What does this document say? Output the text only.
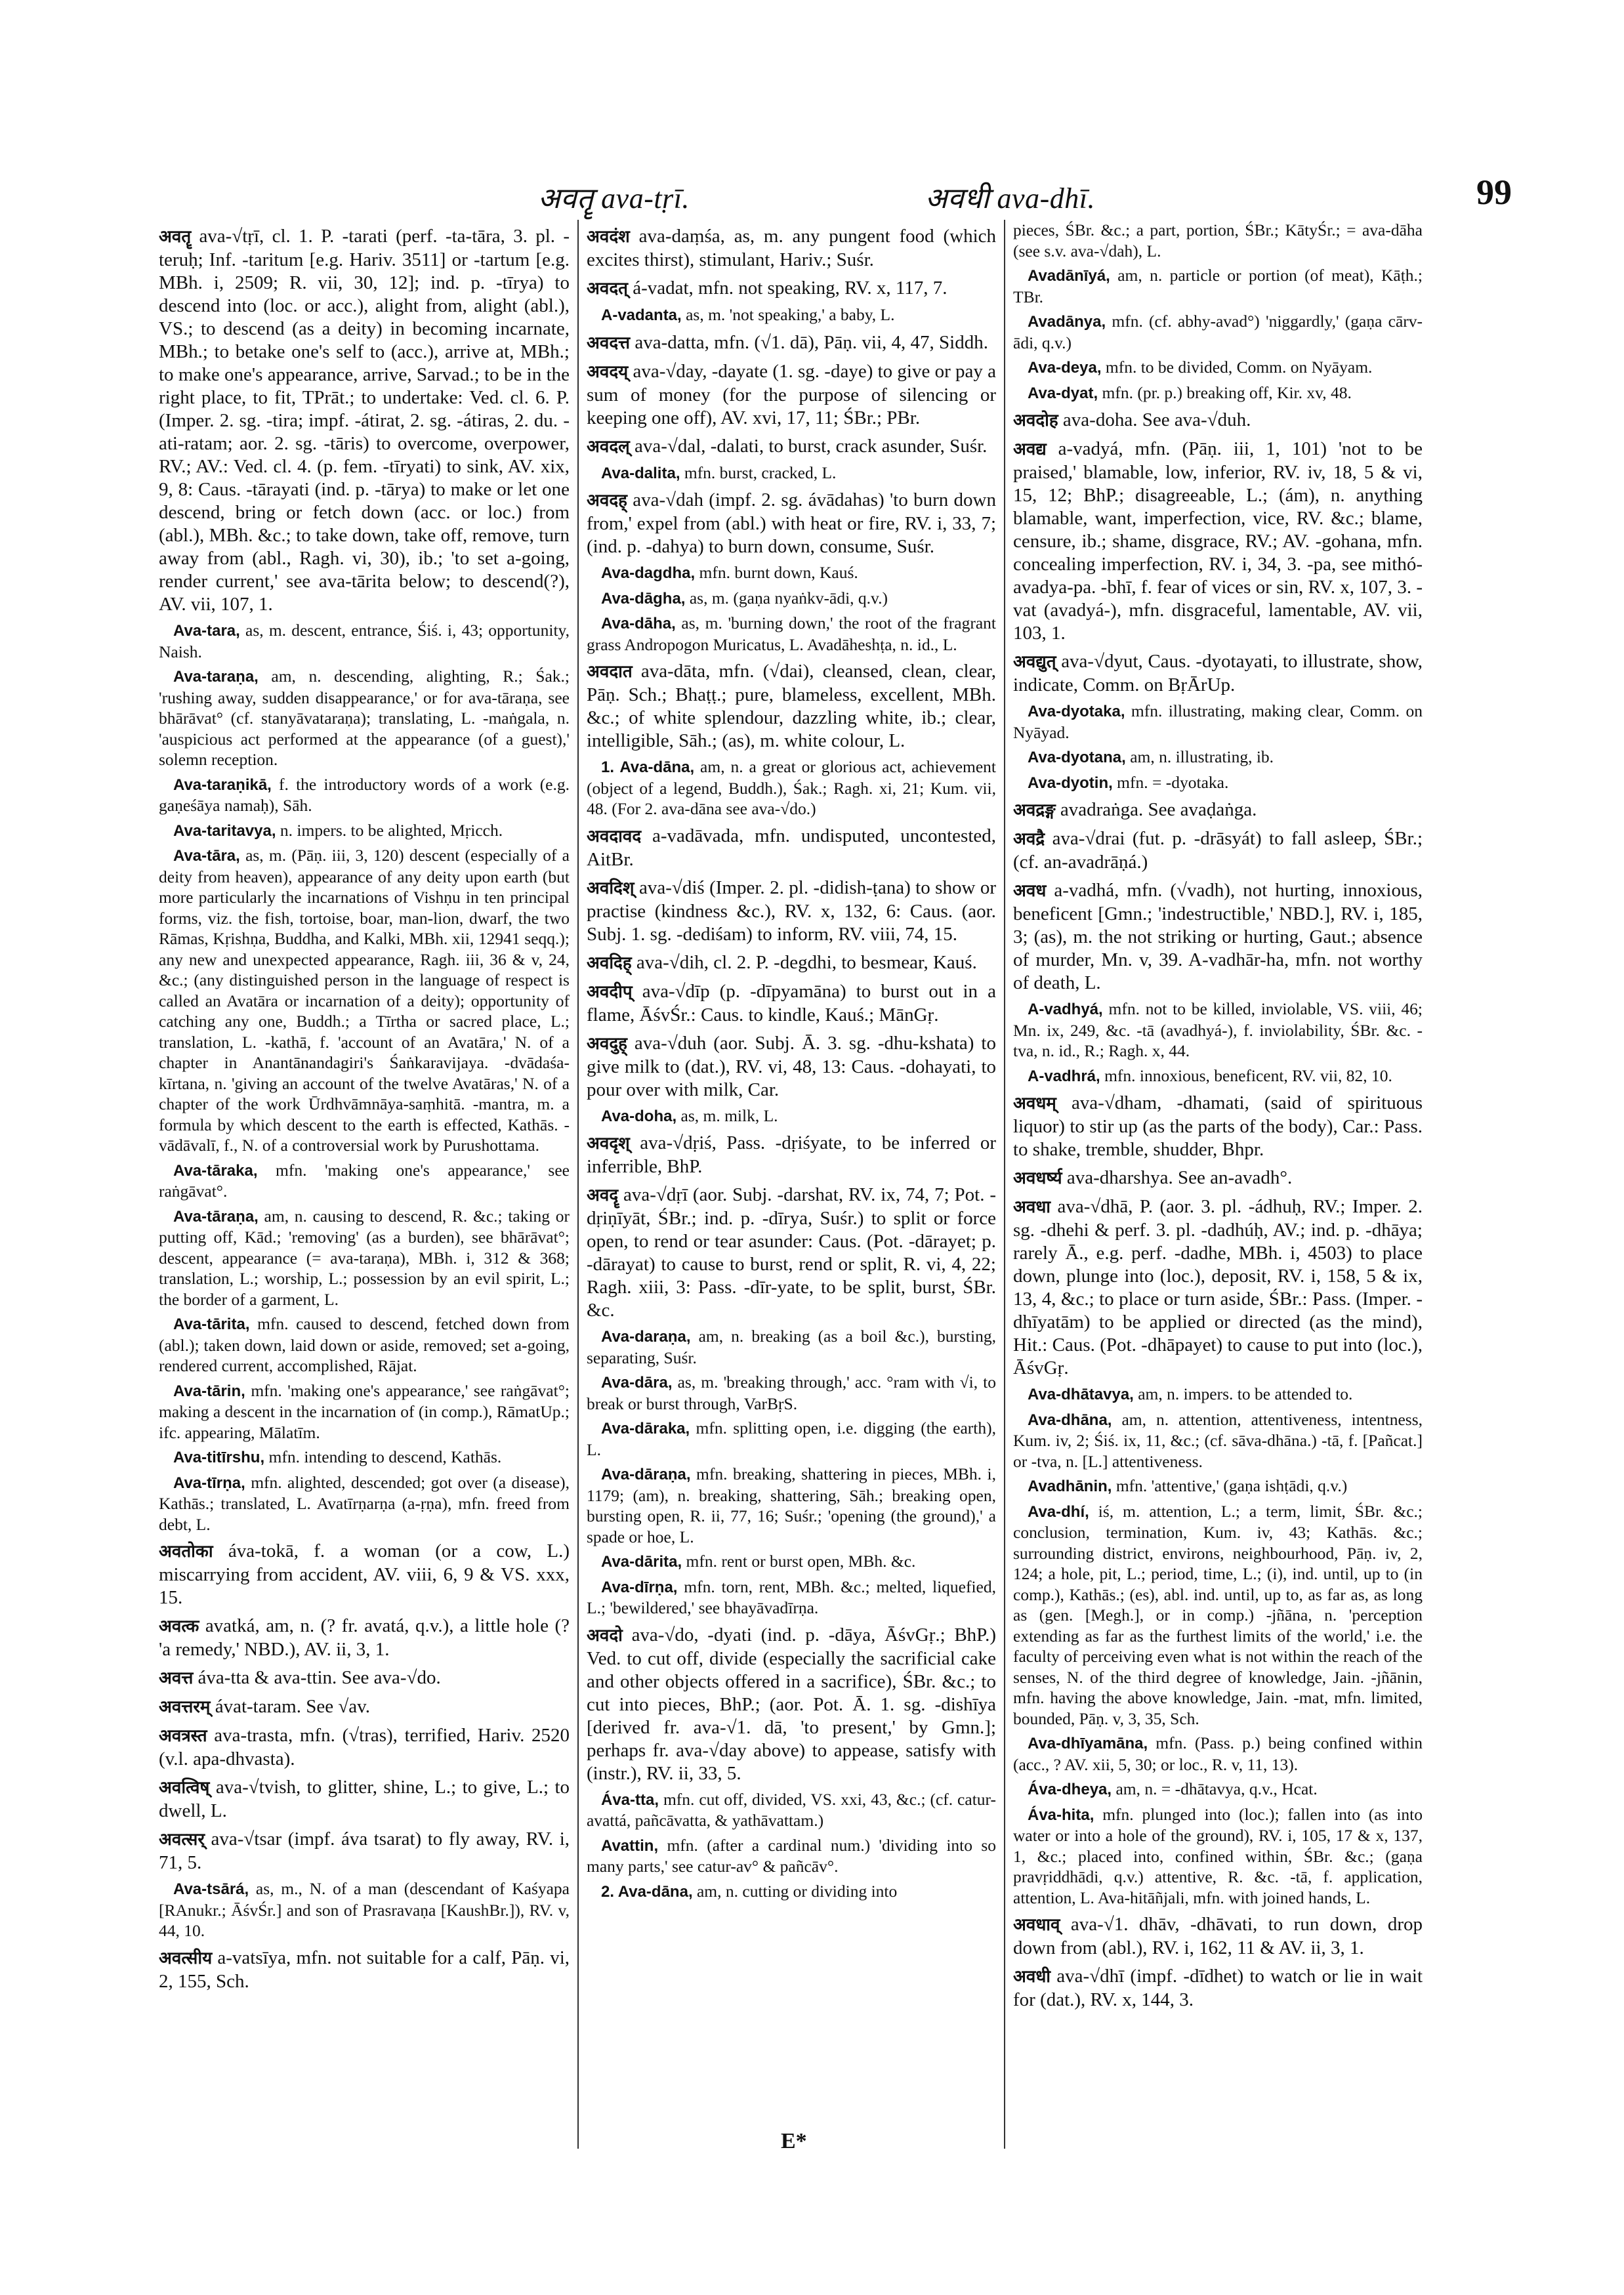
अवतॄ ava-tṛī.	अवधी ava-dhī.	99

अवतॄ ava-√tṛī, cl. 1. P. -tarati (perf. -ta-tāra, 3. pl. -teruḥ; Inf. -taritum [e.g. Hariv. 3511] or -tartum [e.g. MBh. i, 2509; R. vii, 30, 12]; ind. p. -tīrya) to descend into (loc. or acc.), alight from, alight (abl.), VS.; to descend (as a deity) in becoming incarnate, MBh.; to betake one's self to (acc.), arrive at, MBh.; to make one's appearance, arrive, Sarvad.; to be in the right place, to fit, TPrāt.; to undertake: Ved. cl. 6. P. (Imper. 2. sg. -tira; impf. -átirat, 2. sg. -átiras, 2. du. -ati-ratam; aor. 2. sg. -tāris) to overcome, overpower, RV.; AV.: Ved. cl. 4. (p. fem. -tīryati) to sink, AV. xix, 9, 8: Caus. -tārayati (ind. p. -tārya) to make or let one descend, bring or fetch down (acc. or loc.) from (abl.), MBh. &c.; to take down, take off, remove, turn away from (abl., Ragh. vi, 30), ib.; 'to set a-going, render current,' see ava-tārita below; to descend(?), AV. vii, 107, 1.

Ava-tara, as, m. descent, entrance, Śiś. i, 43; opportunity, Naish.

Ava-taraṇa, am, n. descending, alighting, R.; Śak.; 'rushing away, sudden disappearance,' or for ava-tāraṇa, see bhārāvat° (cf. stanyāvataraṇa); translating, L. -maṅgala, n. 'auspicious act performed at the appearance (of a guest),' solemn reception.

Ava-taraṇikā, f. the introductory words of a work (e.g. gaṇeśāya namaḥ), Sāh.

Ava-taritavya, n. impers. to be alighted, Mṛicch.

Ava-tāra, as, m. (Pāṇ. iii, 3, 120) descent (especially of a deity from heaven), appearance of any deity upon earth (but more particularly the incarnations of Vishṇu in ten principal forms, viz. the fish, tortoise, boar, man-lion, dwarf, the two Rāmas, Kṛishṇa, Buddha, and Kalki, MBh. xii, 12941 seqq.); any new and unexpected appearance, Ragh. iii, 36 & v, 24, &c.; (any distinguished person in the language of respect is called an Avatāra or incarnation of a deity); opportunity of catching any one, Buddh.; a Tīrtha or sacred place, L.; translation, L. -kathā, f. 'account of an Avatāra,' N. of a chapter in Anantānandagiri's Śaṅkaravijaya. -dvādaśa-kīrtana, n. 'giving an account of the twelve Avatāras,' N. of a chapter of the work Ūrdhvāmnāya-saṃhitā. -mantra, m. a formula by which descent to the earth is effected, Kathās. -vādāvalī, f., N. of a controversial work by Purushottama.

Ava-tāraka, mfn. 'making one's appearance,' see raṅgāvat°.

Ava-tāraṇa, am, n. causing to descend, R. &c.; taking or putting off, Kād.; 'removing' (as a burden), see bhārāvat°; descent, appearance (= ava-taraṇa), MBh. i, 312 & 368; translation, L.; worship, L.; possession by an evil spirit, L.; the border of a garment, L.

Ava-tārita, mfn. caused to descend, fetched down from (abl.); taken down, laid down or aside, removed; set a-going, rendered current, accomplished, Rājat.

Ava-tārin, mfn. 'making one's appearance,' see raṅgāvat°; making a descent in the incarnation of (in comp.), RāmatUp.; ifc. appearing, Mālatīm.

Ava-titīrshu, mfn. intending to descend, Kathās.

Ava-tīrṇa, mfn. alighted, descended; got over (a disease), Kathās.; translated, L. Avatīrṇarṇa (a-ṛṇa), mfn. freed from debt, L.

अवतोका áva-tokā, f. a woman (or a cow, L.) miscarrying from accident, AV. viii, 6, 9 & VS. xxx, 15.

अवत्क avatká, am, n. (? fr. avatá, q.v.), a little hole (? 'a remedy,' NBD.), AV. ii, 3, 1.

अवत्त áva-tta & ava-ttin. See ava-√do.

अवत्तरम् ávat-taram. See √av.

अवत्रस्त ava-trasta, mfn. (√tras), terrified, Hariv. 2520 (v.l. apa-dhvasta).

अवत्विष् ava-√tvish, to glitter, shine, L.; to give, L.; to dwell, L.

अवत्सर् ava-√tsar (impf. áva tsarat) to fly away, RV. i, 71, 5.

Ava-tsārá, as, m., N. of a man (descendant of Kaśyapa [RAnukr.; ĀśvŚr.] and son of Prasravaṇa [KaushBr.]), RV. v, 44, 10.

अवत्सीय a-vatsīya, mfn. not suitable for a calf, Pāṇ. vi, 2, 155, Sch.

अवदंश ava-daṃśa, as, m. any pungent food (which excites thirst), stimulant, Hariv.; Suśr.

अवदत् á-vadat, mfn. not speaking, RV. x, 117, 7.

A-vadanta, as, m. 'not speaking,' a baby, L.

अवदत्त ava-datta, mfn. (√1. dā), Pāṇ. vii, 4, 47, Siddh.

अवदय् ava-√day, -dayate (1. sg. -daye) to give or pay a sum of money (for the purpose of silencing or keeping one off), AV. xvi, 17, 11; ŚBr.; PBr.

अवदल् ava-√dal, -dalati, to burst, crack asunder, Suśr.

Ava-dalita, mfn. burst, cracked, L.

अवदह् ava-√dah (impf. 2. sg. ávādahas) 'to burn down from,' expel from (abl.) with heat or fire, RV. i, 33, 7; (ind. p. -dahya) to burn down, consume, Suśr.

Ava-dagdha, mfn. burnt down, Kauś.

Ava-dāgha, as, m. (gaṇa nyaṅkv-ādi, q.v.)

Ava-dāha, as, m. 'burning down,' the root of the fragrant grass Andropogon Muricatus, L. Avadāheshṭa, n. id., L.

अवदात ava-dāta, mfn. (√dai), cleansed, clean, clear, Pāṇ. Sch.; Bhaṭṭ.; pure, blameless, excellent, MBh. &c.; of white splendour, dazzling white, ib.; clear, intelligible, Sāh.; (as), m. white colour, L.

1. Ava-dāna, am, n. a great or glorious act, achievement (object of a legend, Buddh.), Śak.; Ragh. xi, 21; Kum. vii, 48. (For 2. ava-dāna see ava-√do.)

अवदावद a-vadāvada, mfn. undisputed, uncontested, AitBr.

अवदिश् ava-√diś (Imper. 2. pl. -didish-ṭana) to show or practise (kindness &c.), RV. x, 132, 6: Caus. (aor. Subj. 1. sg. -dediśam) to inform, RV. viii, 74, 15.

अवदिह् ava-√dih, cl. 2. P. -degdhi, to besmear, Kauś.

अवदीप् ava-√dīp (p. -dīpyamāna) to burst out in a flame, ĀśvŚr.: Caus. to kindle, Kauś.; MānGṛ.

अवदुह् ava-√duh (aor. Subj. Ā. 3. sg. -dhu-kshata) to give milk to (dat.), RV. vi, 48, 13: Caus. -dohayati, to pour over with milk, Car.

Ava-doha, as, m. milk, L.

अवदृश् ava-√dṛiś, Pass. -dṛiśyate, to be inferred or inferrible, BhP.

अवदॄ ava-√dṛī (aor. Subj. -darshat, RV. ix, 74, 7; Pot. -dṛiṇīyāt, ŚBr.; ind. p. -dīrya, Suśr.) to split or force open, to rend or tear asunder: Caus. (Pot. -dārayet; p. -dārayat) to cause to burst, rend or split, R. vi, 4, 22; Ragh. xiii, 3: Pass. -dīr-yate, to be split, burst, ŚBr. &c.

Ava-daraṇa, am, n. breaking (as a boil &c.), bursting, separating, Suśr.

Ava-dāra, as, m. 'breaking through,' acc. °ram with √i, to break or burst through, VarBṛS.

Ava-dāraka, mfn. splitting open, i.e. digging (the earth), L.

Ava-dāraṇa, mfn. breaking, shattering in pieces, MBh. i, 1179; (am), n. breaking, shattering, Sāh.; breaking open, bursting open, R. ii, 77, 16; Suśr.; 'opening (the ground),' a spade or hoe, L.

Ava-dārita, mfn. rent or burst open, MBh. &c.

Ava-dīrṇa, mfn. torn, rent, MBh. &c.; melted, liquefied, L.; 'bewildered,' see bhayāvadīrṇa.

अवदो ava-√do, -dyati (ind. p. -dāya, ĀśvGṛ.; BhP.) Ved. to cut off, divide (especially the sacrificial cake and other objects offered in a sacrifice), ŚBr. &c.; to cut into pieces, BhP.; (aor. Pot. Ā. 1. sg. -dishīya [derived fr. ava-√1. dā, 'to present,' by Gmn.]; perhaps fr. ava-√day above) to appease, satisfy with (instr.), RV. ii, 33, 5.

Áva-tta, mfn. cut off, divided, VS. xxi, 43, &c.; (cf. catur-avattá, pañcāvatta, & yathāvattam.)

Avattin, mfn. (after a cardinal num.) 'dividing into so many parts,' see catur-av° & pañcāv°.

2. Ava-dāna, am, n. cutting or dividing into

pieces, ŚBr. &c.; a part, portion, ŚBr.; KātyŚr.; = ava-dāha (see s.v. ava-√dah), L.

Avadānīyá, am, n. particle or portion (of meat), Kāṭh.; TBr.

Avadānya, mfn. (cf. abhy-avad°) 'niggardly,' (gaṇa cārv-ādi, q.v.)

Ava-deya, mfn. to be divided, Comm. on Nyāyam.

Ava-dyat, mfn. (pr. p.) breaking off, Kir. xv, 48.

अवदोह ava-doha. See ava-√duh.

अवद्य a-vadyá, mfn. (Pāṇ. iii, 1, 101) 'not to be praised,' blamable, low, inferior, RV. iv, 18, 5 & vi, 15, 12; BhP.; disagreeable, L.; (ám), n. anything blamable, want, imperfection, vice, RV. &c.; blame, censure, ib.; shame, disgrace, RV.; AV. -gohana, mfn. concealing imperfection, RV. i, 34, 3. -pa, see mithó-avadya-pa. -bhī, f. fear of vices or sin, RV. x, 107, 3. -vat (avadyá-), mfn. disgraceful, lamentable, AV. vii, 103, 1.

अवद्युत् ava-√dyut, Caus. -dyotayati, to illustrate, show, indicate, Comm. on BṛĀrUp.

Ava-dyotaka, mfn. illustrating, making clear, Comm. on Nyāyad.

Ava-dyotana, am, n. illustrating, ib.

Ava-dyotin, mfn. = -dyotaka.

अवद्रङ्ग avadraṅga. See avaḍaṅga.

अवद्रै ava-√drai (fut. p. -drāsyát) to fall asleep, ŚBr.; (cf. an-avadrāṇá.)

अवध a-vadhá, mfn. (√vadh), not hurting, innoxious, beneficent [Gmn.; 'indestructible,' NBD.], RV. i, 185, 3; (as), m. the not striking or hurting, Gaut.; absence of murder, Mn. v, 39. A-vadhār-ha, mfn. not worthy of death, L.

A-vadhyá, mfn. not to be killed, inviolable, VS. viii, 46; Mn. ix, 249, &c. -tā (avadhyá-), f. inviolability, ŚBr. &c. -tva, n. id., R.; Ragh. x, 44.

A-vadhrá, mfn. innoxious, beneficent, RV. vii, 82, 10.

अवधम् ava-√dham, -dhamati, (said of spirituous liquor) to stir up (as the parts of the body), Car.: Pass. to shake, tremble, shudder, Bhpr.

अवधर्ष्य ava-dharshya. See an-avadh°.

अवधा ava-√dhā, P. (aor. 3. pl. -ádhuḥ, RV.; Imper. 2. sg. -dhehi & perf. 3. pl. -dadhúḥ, AV.; ind. p. -dhāya; rarely Ā., e.g. perf. -dadhe, MBh. i, 4503) to place down, plunge into (loc.), deposit, RV. i, 158, 5 & ix, 13, 4, &c.; to place or turn aside, ŚBr.: Pass. (Imper. -dhīyatām) to be applied or directed (as the mind), Hit.: Caus. (Pot. -dhāpayet) to cause to put into (loc.), ĀśvGṛ.

Ava-dhātavya, am, n. impers. to be attended to.

Ava-dhāna, am, n. attention, attentiveness, intentness, Kum. iv, 2; Śiś. ix, 11, &c.; (cf. sāva-dhāna.) -tā, f. [Pañcat.] or -tva, n. [L.] attentiveness.

Avadhānin, mfn. 'attentive,' (gaṇa ishṭādi, q.v.)

Ava-dhí, iś, m. attention, L.; a term, limit, ŚBr. &c.; conclusion, termination, Kum. iv, 43; Kathās. &c.; surrounding district, environs, neighbourhood, Pāṇ. iv, 2, 124; a hole, pit, L.; period, time, L.; (i), ind. until, up to (in comp.), Kathās.; (es), abl. ind. until, up to, as far as, as long as (gen. [Megh.], or in comp.) -jñāna, n. 'perception extending as far as the furthest limits of the world,' i.e. the faculty of perceiving even what is not within the reach of the senses, N. of the third degree of knowledge, Jain. -jñānin, mfn. having the above knowledge, Jain. -mat, mfn. limited, bounded, Pāṇ. v, 3, 35, Sch.

Ava-dhīyamāna, mfn. (Pass. p.) being confined within (acc., ? AV. xii, 5, 30; or loc., R. v, 11, 13).

Áva-dheya, am, n. = -dhātavya, q.v., Hcat.

Áva-hita, mfn. plunged into (loc.); fallen into (as into water or into a hole of the ground), RV. i, 105, 17 & x, 137, 1, &c.; placed into, confined within, ŚBr. &c.; (gaṇa pravṛiddhādi, q.v.) attentive, R. &c. -tā, f. application, attention, L. Ava-hitāñjali, mfn. with joined hands, L.

अवधाव् ava-√1. dhāv, -dhāvati, to run down, drop down from (abl.), RV. i, 162, 11 & AV. ii, 3, 1.

अवधी ava-√dhī (impf. -dīdhet) to watch or lie in wait for (dat.), RV. x, 144, 3.

E*
